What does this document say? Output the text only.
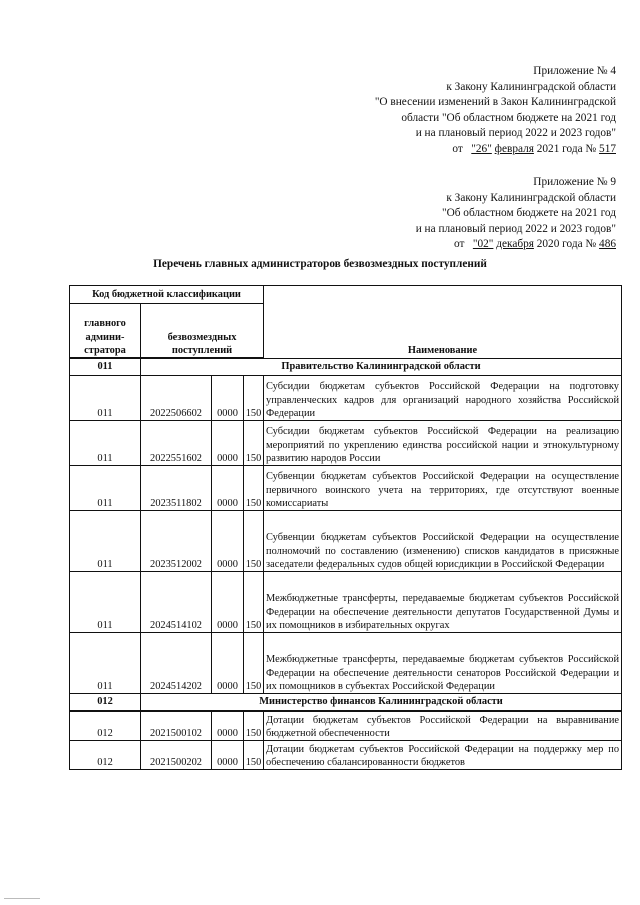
Приложение № 4
к Закону Калининградской области
"О внесении изменений в Закон Калининградской
области "Об областном бюджете на 2021 год
и на плановый период 2022 и 2023 годов"
от "26" февраля 2021 года № 517
Приложение № 9
к Закону Калининградской области
"Об областном бюджете на 2021 год
и на плановый период 2022 и 2023 годов"
от "02" декабря 2020 года № 486
Перечень главных администраторов безвозмездных поступлений
Код бюджетной классификации				Наименование
главного админи-стратора	безвозмездных поступлений			
011	Правительство Калининградской области			
011	2022506602	0000	150	Субсидии бюджетам субъектов Российской Федерации на подготовку управленческих кадров для организаций народного хозяйства Российской Федерации
011	2022551602	0000	150	Субсидии бюджетам субъектов Российской Федерации на реализацию мероприятий по укреплению единства российской нации и этнокультурному развитию народов России
011	2023511802	0000	150	Субвенции бюджетам субъектов Российской Федерации на осуществление первичного воинского учета на территориях, где отсутствуют военные комиссариаты
011	2023512002	0000	150	Субвенции бюджетам субъектов Российской Федерации на осуществление полномочий по составлению (изменению) списков кандидатов в присяжные заседатели федеральных судов общей юрисдикции в Российской Федерации
011	2024514102	0000	150	Межбюджетные трансферты, передаваемые бюджетам субъектов Российской Федерации на обеспечение деятельности депутатов Государственной Думы и их помощников в избирательных округах
011	2024514202	0000	150	Межбюджетные трансферты, передаваемые бюджетам субъектов Российской Федерации на обеспечение деятельности сенаторов Российской Федерации и их помощников в субъектах Российской Федерации
012	Министерство финансов Калининградской области			
012	2021500102	0000	150	Дотации бюджетам субъектов Российской Федерации на выравнивание бюджетной обеспеченности
012	2021500202	0000	150	Дотации бюджетам субъектов Российской Федерации на поддержку мер по обеспечению сбалансированности бюджетов
